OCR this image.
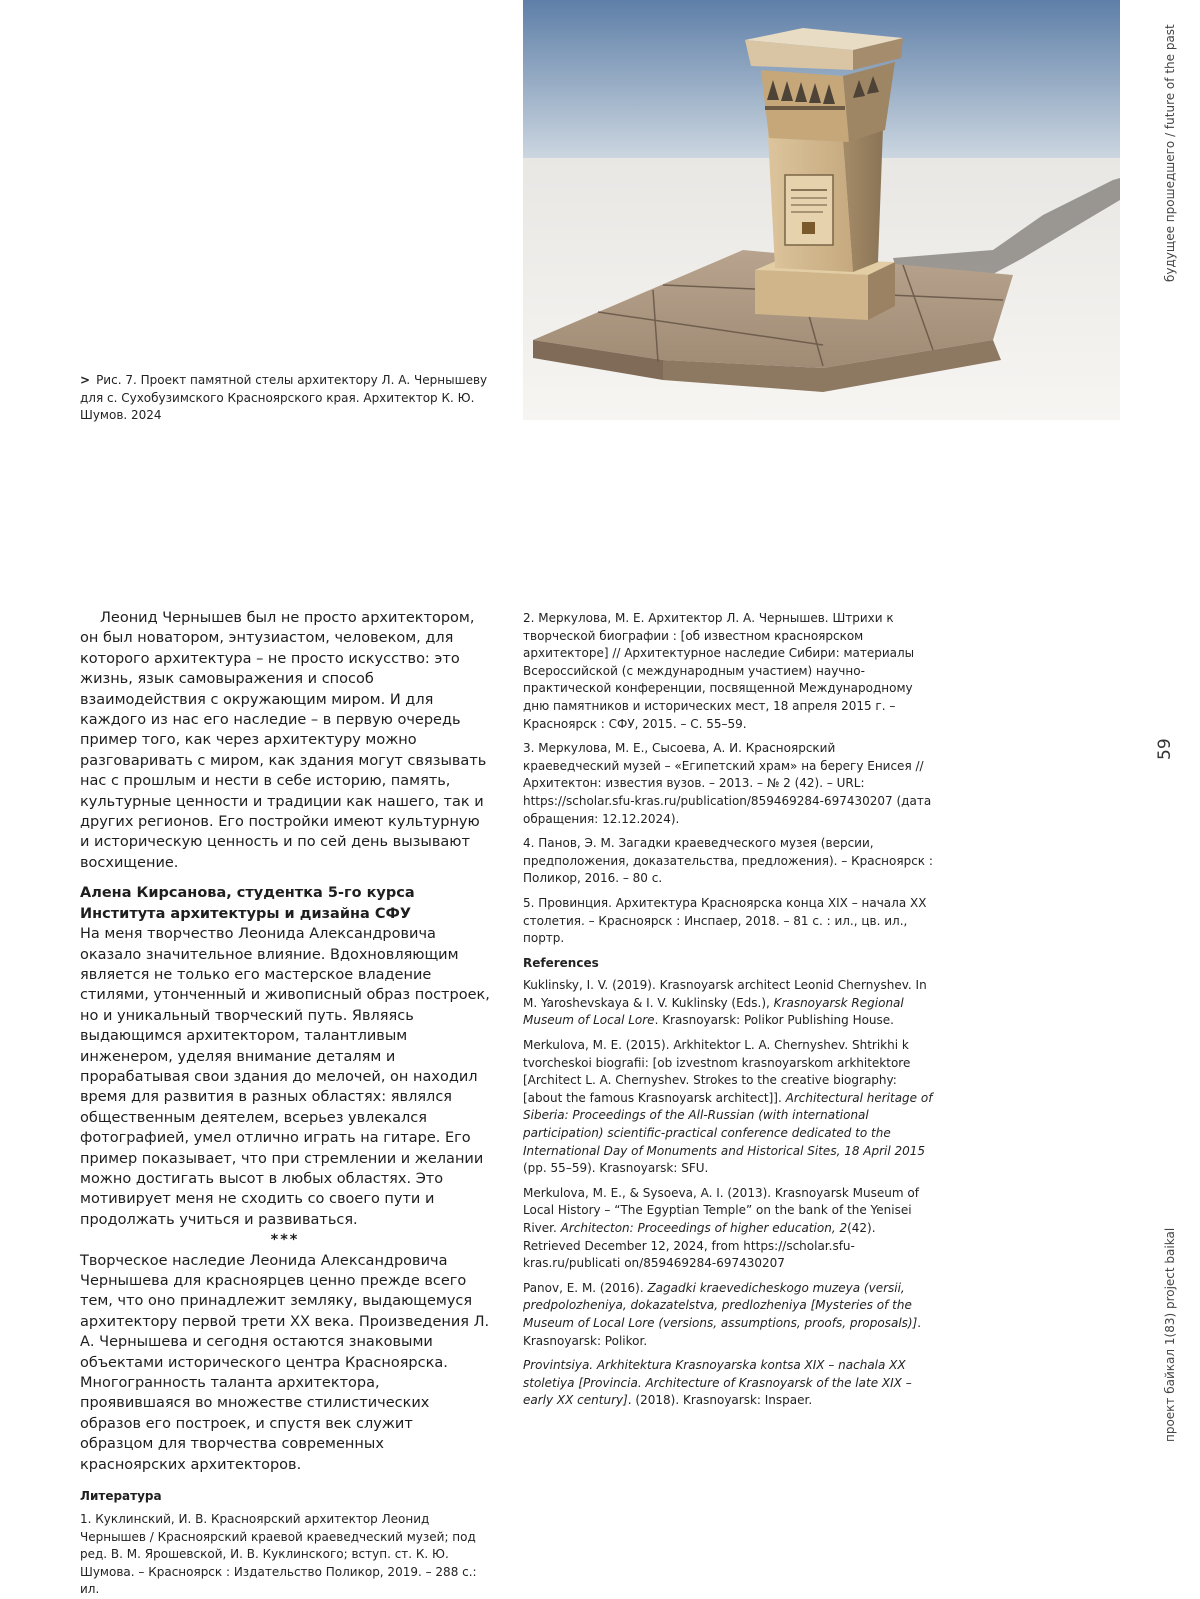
> Рис. 7. Проект памятной стелы архитектору Л. А. Чернышеву для с. Сухобузимского Красноярского края. Архитектор К. Ю. Шумов. 2024
будущее прошедшего / future of the past
59
проект байкал 1(83) project baikal

Леонид Чернышев был не просто архитектором, он был новатором, энтузиастом, человеком, для которого архитектура – не просто искусство: это жизнь, язык самовыражения и способ взаимодействия с окружающим миром. И для каждого из нас его наследие – в первую очередь пример того, как через архитектуру можно разговаривать с миром, как здания могут связывать нас с прошлым и нести в себе историю, память, культурные ценности и традиции как нашего, так и других регионов. Его постройки имеют культурную и историческую ценность и по сей день вызывают восхищение.

Алена Кирсанова, студентка 5-го курса Института архитектуры и дизайна СФУ

На меня творчество Леонида Александровича оказало значительное влияние. Вдохновляющим является не только его мастерское владение стилями, утонченный и живописный образ построек, но и уникальный творческий путь. Являясь выдающимся архитектором, талантливым инженером, уделяя внимание деталям и прорабатывая свои здания до мелочей, он находил время для развития в разных областях: являлся общественным деятелем, всерьез увлекался фотографией, умел отлично играть на гитаре. Его пример показывает, что при стремлении и желании можно достигать высот в любых областях. Это мотивирует меня не сходить со своего пути и продолжать учиться и развиваться.

***

Творческое наследие Леонида Александровича Чернышева для красноярцев ценно прежде всего тем, что оно принадлежит земляку, выдающемуся архитектору первой трети XX века. Произведения Л. А. Чернышева и сегодня остаются знаковыми объектами исторического центра Красноярска. Многогранность таланта архитектора, проявившаяся во множестве стилистических образов его построек, и спустя век служит образцом для творчества современных красноярских архитекторов.

Литература

1. Куклинский, И. В. Красноярский архитектор Леонид Чернышев / Красноярский краевой краеведческий музей; под ред. В. М. Ярошевской, И. В. Куклинского; вступ. ст. К. Ю. Шумова. – Красноярск : Издательство Поликор, 2019. – 288 с.: ил.

2. Меркулова, М. Е. Архитектор Л. А. Чернышев. Штрихи к творческой биографии : [об известном красноярском архитекторе] // Архитектурное наследие Сибири: материалы Всероссийской (с международным участием) научно-практической конференции, посвященной Международному дню памятников и исторических мест, 18 апреля 2015 г. – Красноярск : СФУ, 2015. – С. 55–59.

3. Меркулова, М. Е., Сысоева, А. И. Красноярский краеведческий музей – «Египетский храм» на берегу Енисея // Архитектон: известия вузов. – 2013. – № 2 (42). – URL: https://scholar.sfu-kras.ru/publication/859469284-697430207 (дата обращения: 12.12.2024).

4. Панов, Э. М. Загадки краеведческого музея (версии, предположения, доказательства, предложения). – Красноярск : Поликор, 2016. – 80 с.

5. Провинция. Архитектура Красноярска конца XIX – начала XX столетия. – Красноярск : Инспаер, 2018. – 81 с. : ил., цв. ил., портр.

References

Kuklinsky, I. V. (2019). Krasnoyarsk architect Leonid Chernyshev. In M. Yaroshevskaya & I. V. Kuklinsky (Eds.), Krasnoyarsk Regional Museum of Local Lore. Krasnoyarsk: Polikor Publishing House.

Merkulova, M. E. (2015). Arkhitektor L. A. Chernyshev. Shtrikhi k tvorcheskoi biografii: [ob izvestnom krasnoyarskom arkhitektore [Architect L. A. Chernyshev. Strokes to the creative biography: [about the famous Krasnoyarsk architect]]. Architectural heritage of Siberia: Proceedings of the All-Russian (with international participation) scientific-practical conference dedicated to the International Day of Monuments and Historical Sites, 18 April 2015 (pp. 55–59). Krasnoyarsk: SFU.

Merkulova, M. E., & Sysoeva, A. I. (2013). Krasnoyarsk Museum of Local History – “The Egyptian Temple” on the bank of the Yenisei River. Architecton: Proceedings of higher education, 2(42). Retrieved December 12, 2024, from https://scholar.sfu-kras.ru/publicati on/859469284-697430207

Panov, E. M. (2016). Zagadki kraevedicheskogo muzeya (versii, predpolozheniya, dokazatelstva, predlozheniya [Mysteries of the Museum of Local Lore (versions, assumptions, proofs, proposals)]. Krasnoyarsk: Polikor.

Provintsiya. Arkhitektura Krasnoyarska kontsa XIX – nachala XX stoletiya [Provincia. Architecture of Krasnoyarsk of the late XIX – early XX century]. (2018). Krasnoyarsk: Inspaer.
